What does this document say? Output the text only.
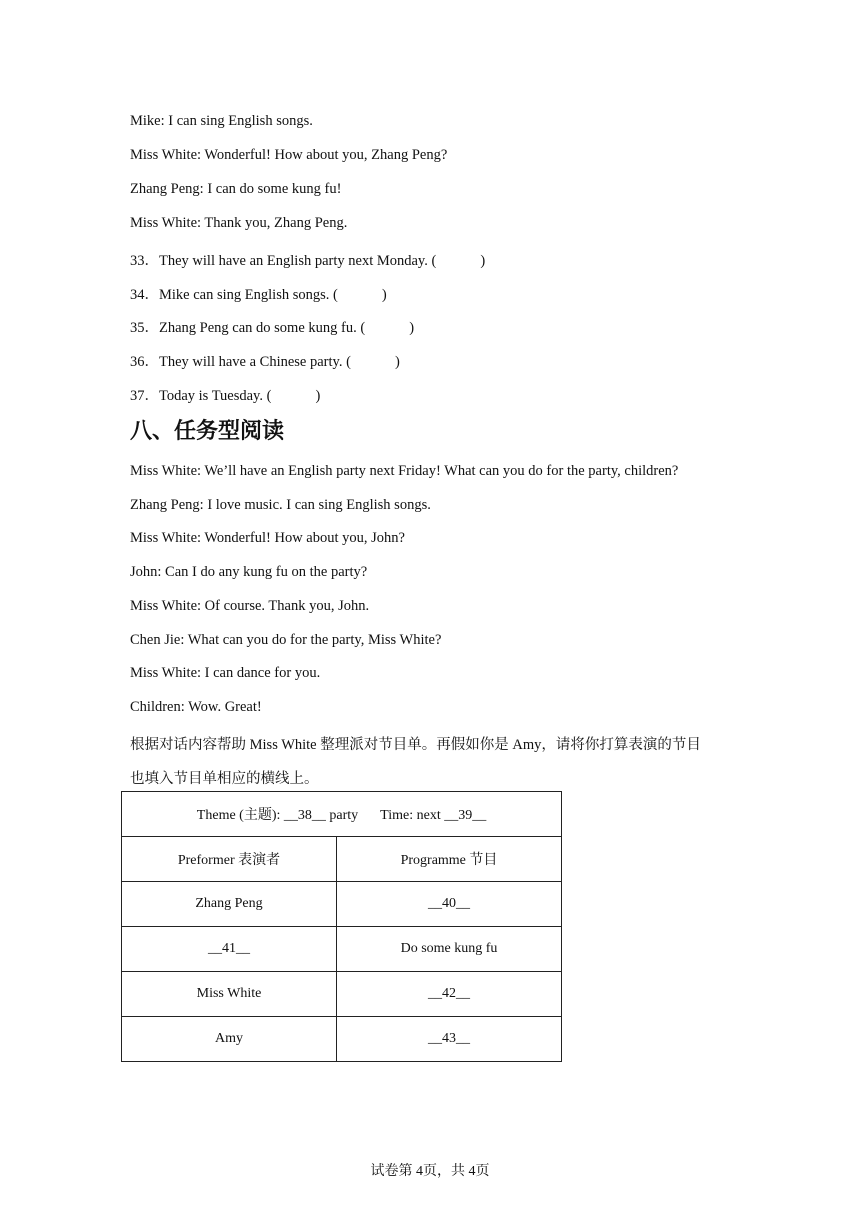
Mike: I can sing English songs.
Miss White: Wonderful! How about you, Zhang Peng?
Zhang Peng: I can do some kung fu!
Miss White: Thank you, Zhang Peng.
33．They will have an English party next Monday. (	)
34．Mike can sing English songs. (	)
35．Zhang Peng can do some kung fu. (	)
36．They will have a Chinese party. (	)
37．Today is Tuesday. (	)
八、任务型阅读
Miss White: We’ll have an English party next Friday! What can you do for the party, children?
Zhang Peng: I love music. I can sing English songs.
Miss White: Wonderful! How about you, John?
John: Can I do any kung fu on the party?
Miss White: Of course. Thank you, John.
Chen Jie: What can you do for the party, Miss White?
Miss White: I can dance for you.
Children: Wow. Great!
根据对话内容帮助 Miss White 整理派对节目单。再假如你是 Amy，请将你打算表演的节目
也填入节目单相应的横线上。
Theme (主题): __38__ party Time: next __39__	
Preformer 表演者	Programme 节目
Zhang Peng	__40__
__41__	Do some kung fu
Miss White	__42__
Amy	__43__
试卷第 4页，共 4页
